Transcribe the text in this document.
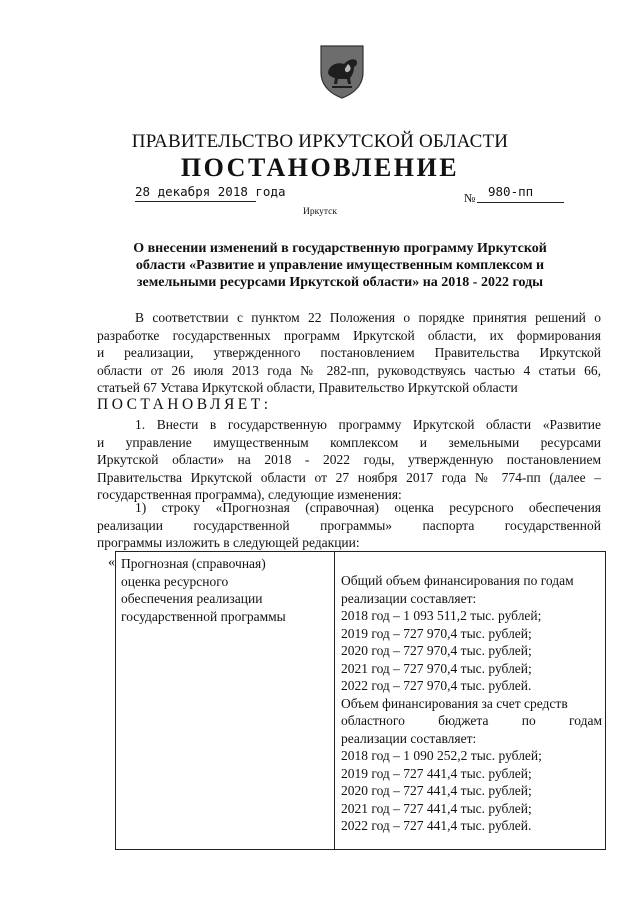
ПРАВИТЕЛЬСТВО ИРКУТСКОЙ ОБЛАСТИ
ПОСТАНОВЛЕНИЕ
28 декабря 2018 года	№ 980-пп
Иркутск
О внесении изменений в государственную программу Иркутской
области «Развитие и управление имущественным комплексом и
земельными ресурсами Иркутской области» на 2018 - 2022 годы
В соответствии с пунктом 22 Положения о порядке принятия решений о
разработке государственных программ Иркутской области, их формирования
и реализации, утвержденного постановлением Правительства Иркутской
области от 26 июля 2013 года № 282-пп, руководствуясь частью 4 статьи 66,
статьей 67 Устава Иркутской области, Правительство Иркутской области
ПОСТАНОВЛЯЕТ:
1. Внести в государственную программу Иркутской области «Развитие
и управление имущественным комплексом и земельными ресурсами
Иркутской области» на 2018 - 2022 годы, утвержденную постановлением
Правительства Иркутской области от 27 ноября 2017 года № 774-пп (далее –
государственная программа), следующие изменения:
1) строку «Прогнозная (справочная) оценка ресурсного обеспечения
реализации государственной программы» паспорта государственной
программы изложить в следующей редакции:
« Прогнозная (справочная)
оценка ресурсного
обеспечения реализации
государственной программы
Общий объем финансирования по годам
реализации составляет:
2018 год – 1 093 511,2 тыс. рублей;
2019 год – 727 970,4 тыс. рублей;
2020 год – 727 970,4 тыс. рублей;
2021 год – 727 970,4 тыс. рублей;
2022 год – 727 970,4 тыс. рублей.
Объем финансирования за счет средств
областного бюджета по годам
реализации составляет:
2018 год – 1 090 252,2 тыс. рублей;
2019 год – 727 441,4 тыс. рублей;
2020 год – 727 441,4 тыс. рублей;
2021 год – 727 441,4 тыс. рублей;
2022 год – 727 441,4 тыс. рублей.
